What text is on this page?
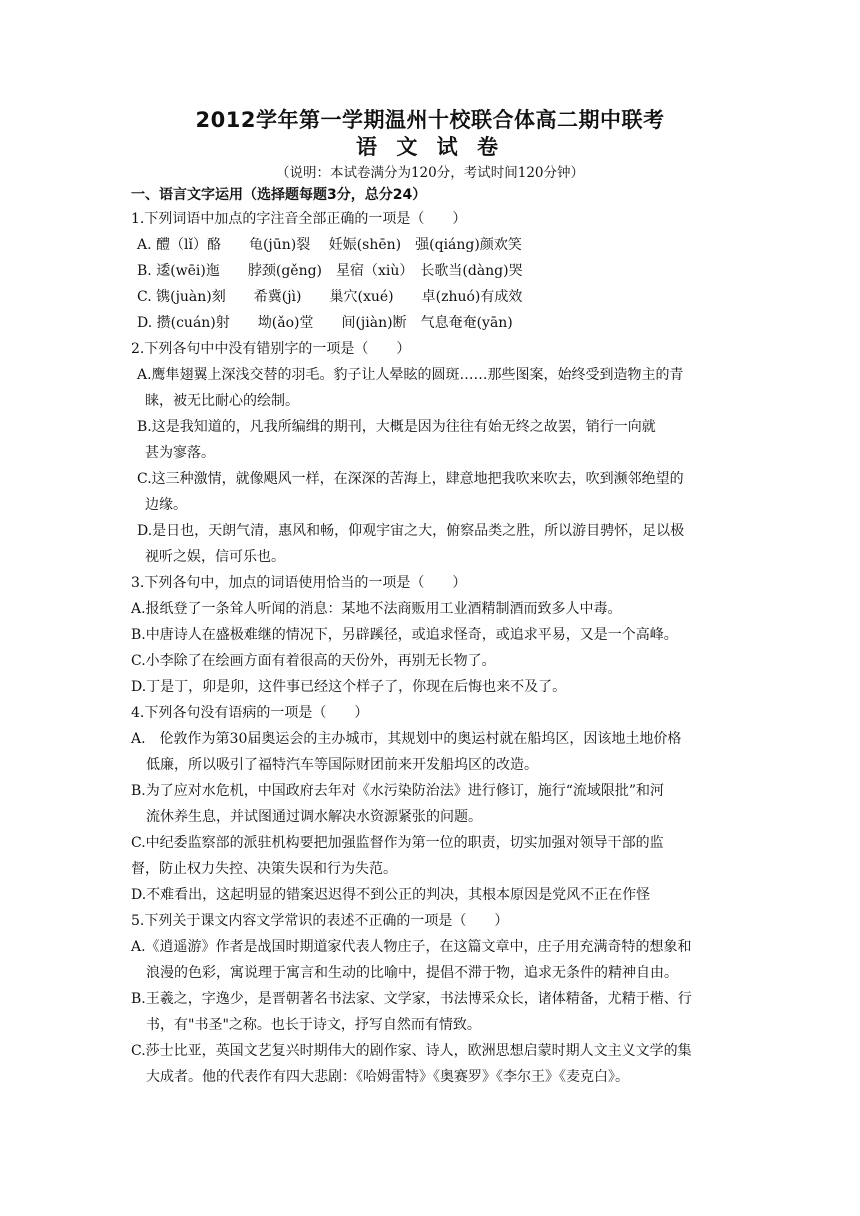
2012学年第一学期温州十校联合体高二期中联考
语 文 试 卷
（说明：本试卷满分为120分，考试时间120分钟）
一、语言文字运用（选择题每题3分，总分24）
1.下列词语中加点的字注音全部正确的一项是（　　）
A. 醴（lǐ）酪　　龟(jūn)裂　 妊娠(shēn)　强(qiáng)颜欢笑
B. 逶(wēi)迤　　脖颈(gěng)　星宿（xiù）　长歌当(dàng)哭
C. 镌(juàn)刻　　希冀(jì)　　巢穴(xué)　　卓(zhuó)有成效
D. 攒(cuán)射　　坳(ǎo)堂　　间(jiàn)断　气息奄奄(yān)
2.下列各句中中没有错别字的一项是（　　）
A.鹰隼翅翼上深浅交替的羽毛。豹子让人晕眩的圆斑……那些图案，始终受到造物主的青
睐，被无比耐心的绘制。
B.这是我知道的，凡我所编缉的期刊，大概是因为往往有始无终之故罢，销行一向就
甚为寥落。
C.这三种激情，就像飓风一样，在深深的苦海上，肆意地把我吹来吹去，吹到濒邻绝望的
边缘。
D.是日也，天朗气清，惠风和畅，仰观宇宙之大，俯察品类之胜，所以游目骋怀，足以极
视听之娱，信可乐也。
3.下列各句中，加点的词语使用恰当的一项是（　　）
A.报纸登了一条耸人听闻的消息：某地不法商贩用工业酒精制酒而致多人中毒。
B.中唐诗人在盛极难继的情况下，另辟蹊径，或追求怪奇，或追求平易，又是一个高峰。
C.小李除了在绘画方面有着很高的天份外，再别无长物了。
D.丁是丁，卯是卯，这件事已经这个样子了，你现在后悔也来不及了。
4.下列各句没有语病的一项是（　　）
A.　伦敦作为第30届奥运会的主办城市，其规划中的奥运村就在船坞区，因该地土地价格
低廉，所以吸引了福特汽车等国际财团前来开发船坞区的改造。
B.为了应对水危机，中国政府去年对《水污染防治法》进行修订，施行“流域限批”和河
流休养生息，并试图通过调水解决水资源紧张的问题。
C.中纪委监察部的派驻机构要把加强监督作为第一位的职责，切实加强对领导干部的监
督，防止权力失控、决策失误和行为失范。
D.不难看出，这起明显的错案迟迟得不到公正的判决，其根本原因是党风不正在作怪
5.下列关于课文内容文学常识的表述不正确的一项是（　　）
A.《逍遥游》作者是战国时期道家代表人物庄子，在这篇文章中，庄子用充满奇特的想象和
浪漫的色彩，寓说理于寓言和生动的比喻中，提倡不滞于物，追求无条件的精神自由。
B.王羲之，字逸少，是晋朝著名书法家、文学家，书法博采众长，诸体精备，尤精于楷、行
书，有"书圣"之称。也长于诗文，抒写自然而有情致。
C.莎士比亚，英国文艺复兴时期伟大的剧作家、诗人，欧洲思想启蒙时期人文主义文学的集
大成者。他的代表作有四大悲剧：《哈姆雷特》《奥赛罗》《李尔王》《麦克白》。
